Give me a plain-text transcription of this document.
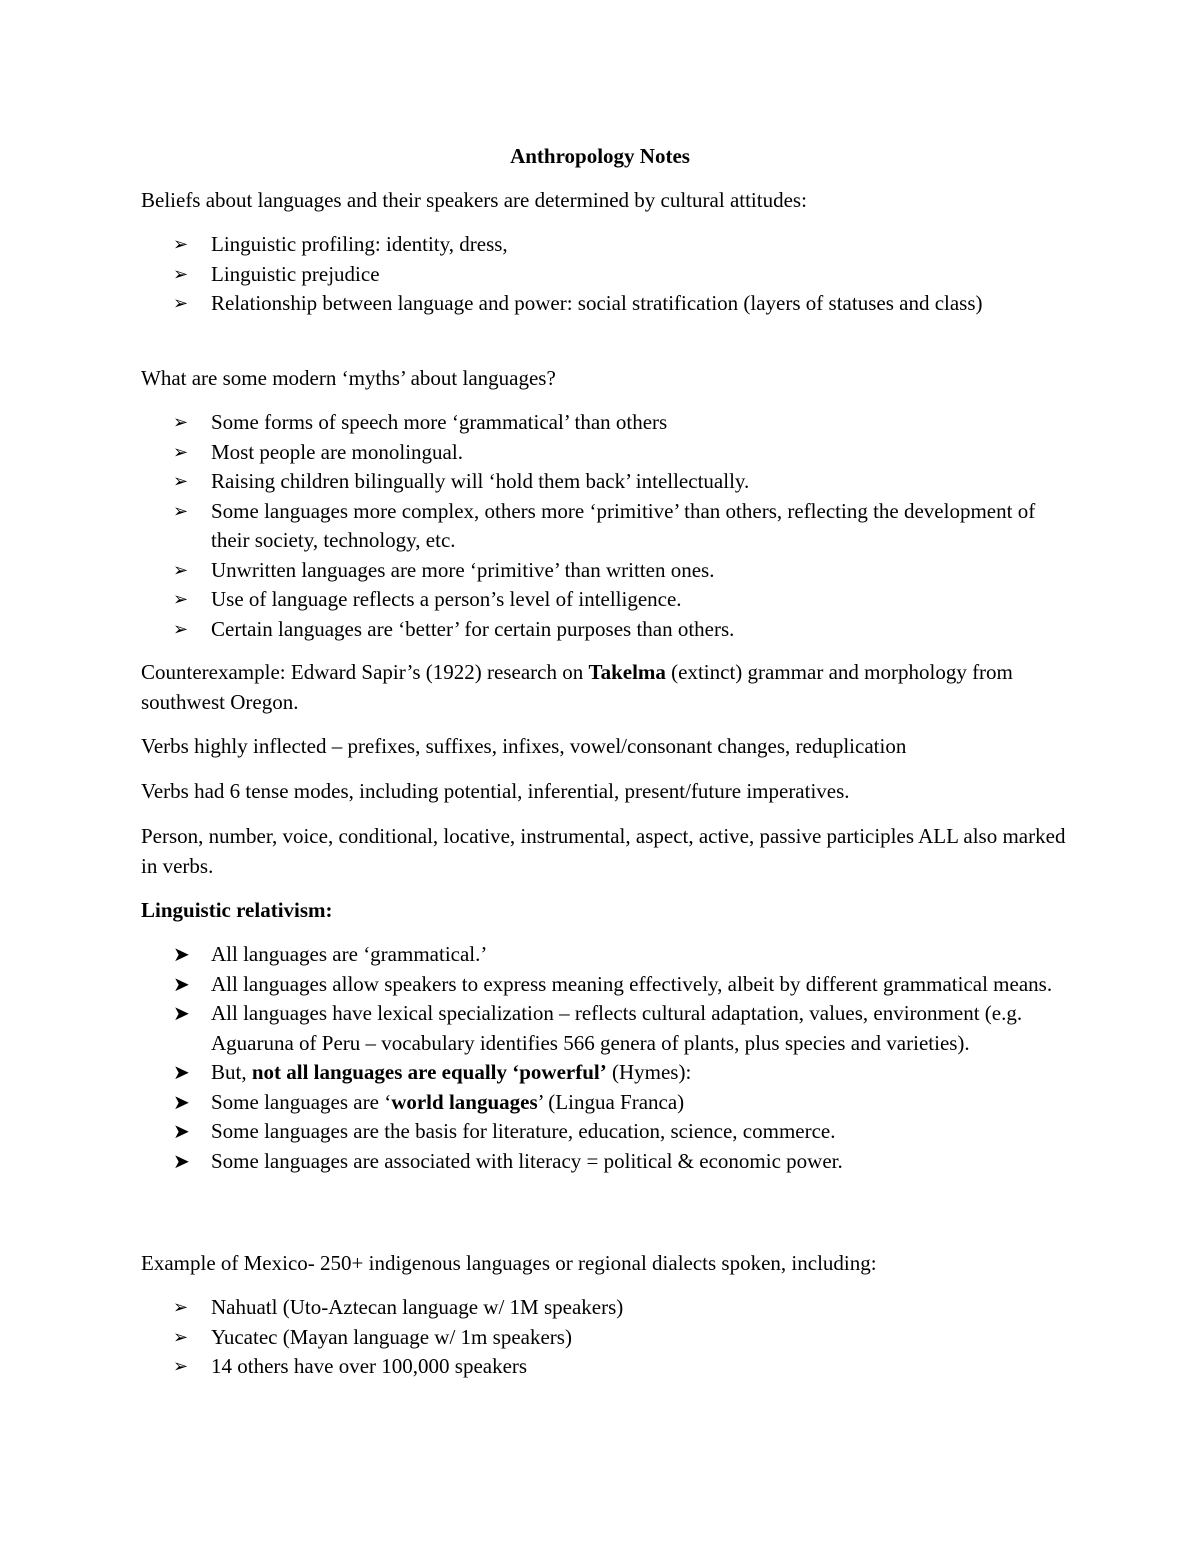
Anthropology Notes

Beliefs about languages and their speakers are determined by cultural attitudes:

➢ Linguistic profiling: identity, dress,
➢ Linguistic prejudice
➢ Relationship between language and power: social stratification (layers of statuses and class)

What are some modern ‘myths’ about languages?

➢ Some forms of speech more ‘grammatical’ than others
➢ Most people are monolingual.
➢ Raising children bilingually will ‘hold them back’ intellectually.
➢ Some languages more complex, others more ‘primitive’ than others, reflecting the development of their society, technology, etc.
➢ Unwritten languages are more ‘primitive’ than written ones.
➢ Use of language reflects a person’s level of intelligence.
➢ Certain languages are ‘better’ for certain purposes than others.

Counterexample: Edward Sapir’s (1922) research on Takelma (extinct) grammar and morphology from southwest Oregon.

Verbs highly inflected – prefixes, suffixes, infixes, vowel/consonant changes, reduplication

Verbs had 6 tense modes, including potential, inferential, present/future imperatives.

Person, number, voice, conditional, locative, instrumental, aspect, active, passive participles ALL also marked in verbs.

Linguistic relativism:

➤ All languages are ‘grammatical.’
➤ All languages allow speakers to express meaning effectively, albeit by different grammatical means.
➤ All languages have lexical specialization – reflects cultural adaptation, values, environment (e.g. Aguaruna of Peru – vocabulary identifies 566 genera of plants, plus species and varieties).
➤ But, not all languages are equally ‘powerful’ (Hymes):
➤ Some languages are ‘world languages’ (Lingua Franca)
➤ Some languages are the basis for literature, education, science, commerce.
➤ Some languages are associated with literacy = political & economic power.

Example of Mexico- 250+ indigenous languages or regional dialects spoken, including:

➢ Nahuatl (Uto-Aztecan language w/ 1M speakers)
➢ Yucatec (Mayan language w/ 1m speakers)
➢ 14 others have over 100,000 speakers
